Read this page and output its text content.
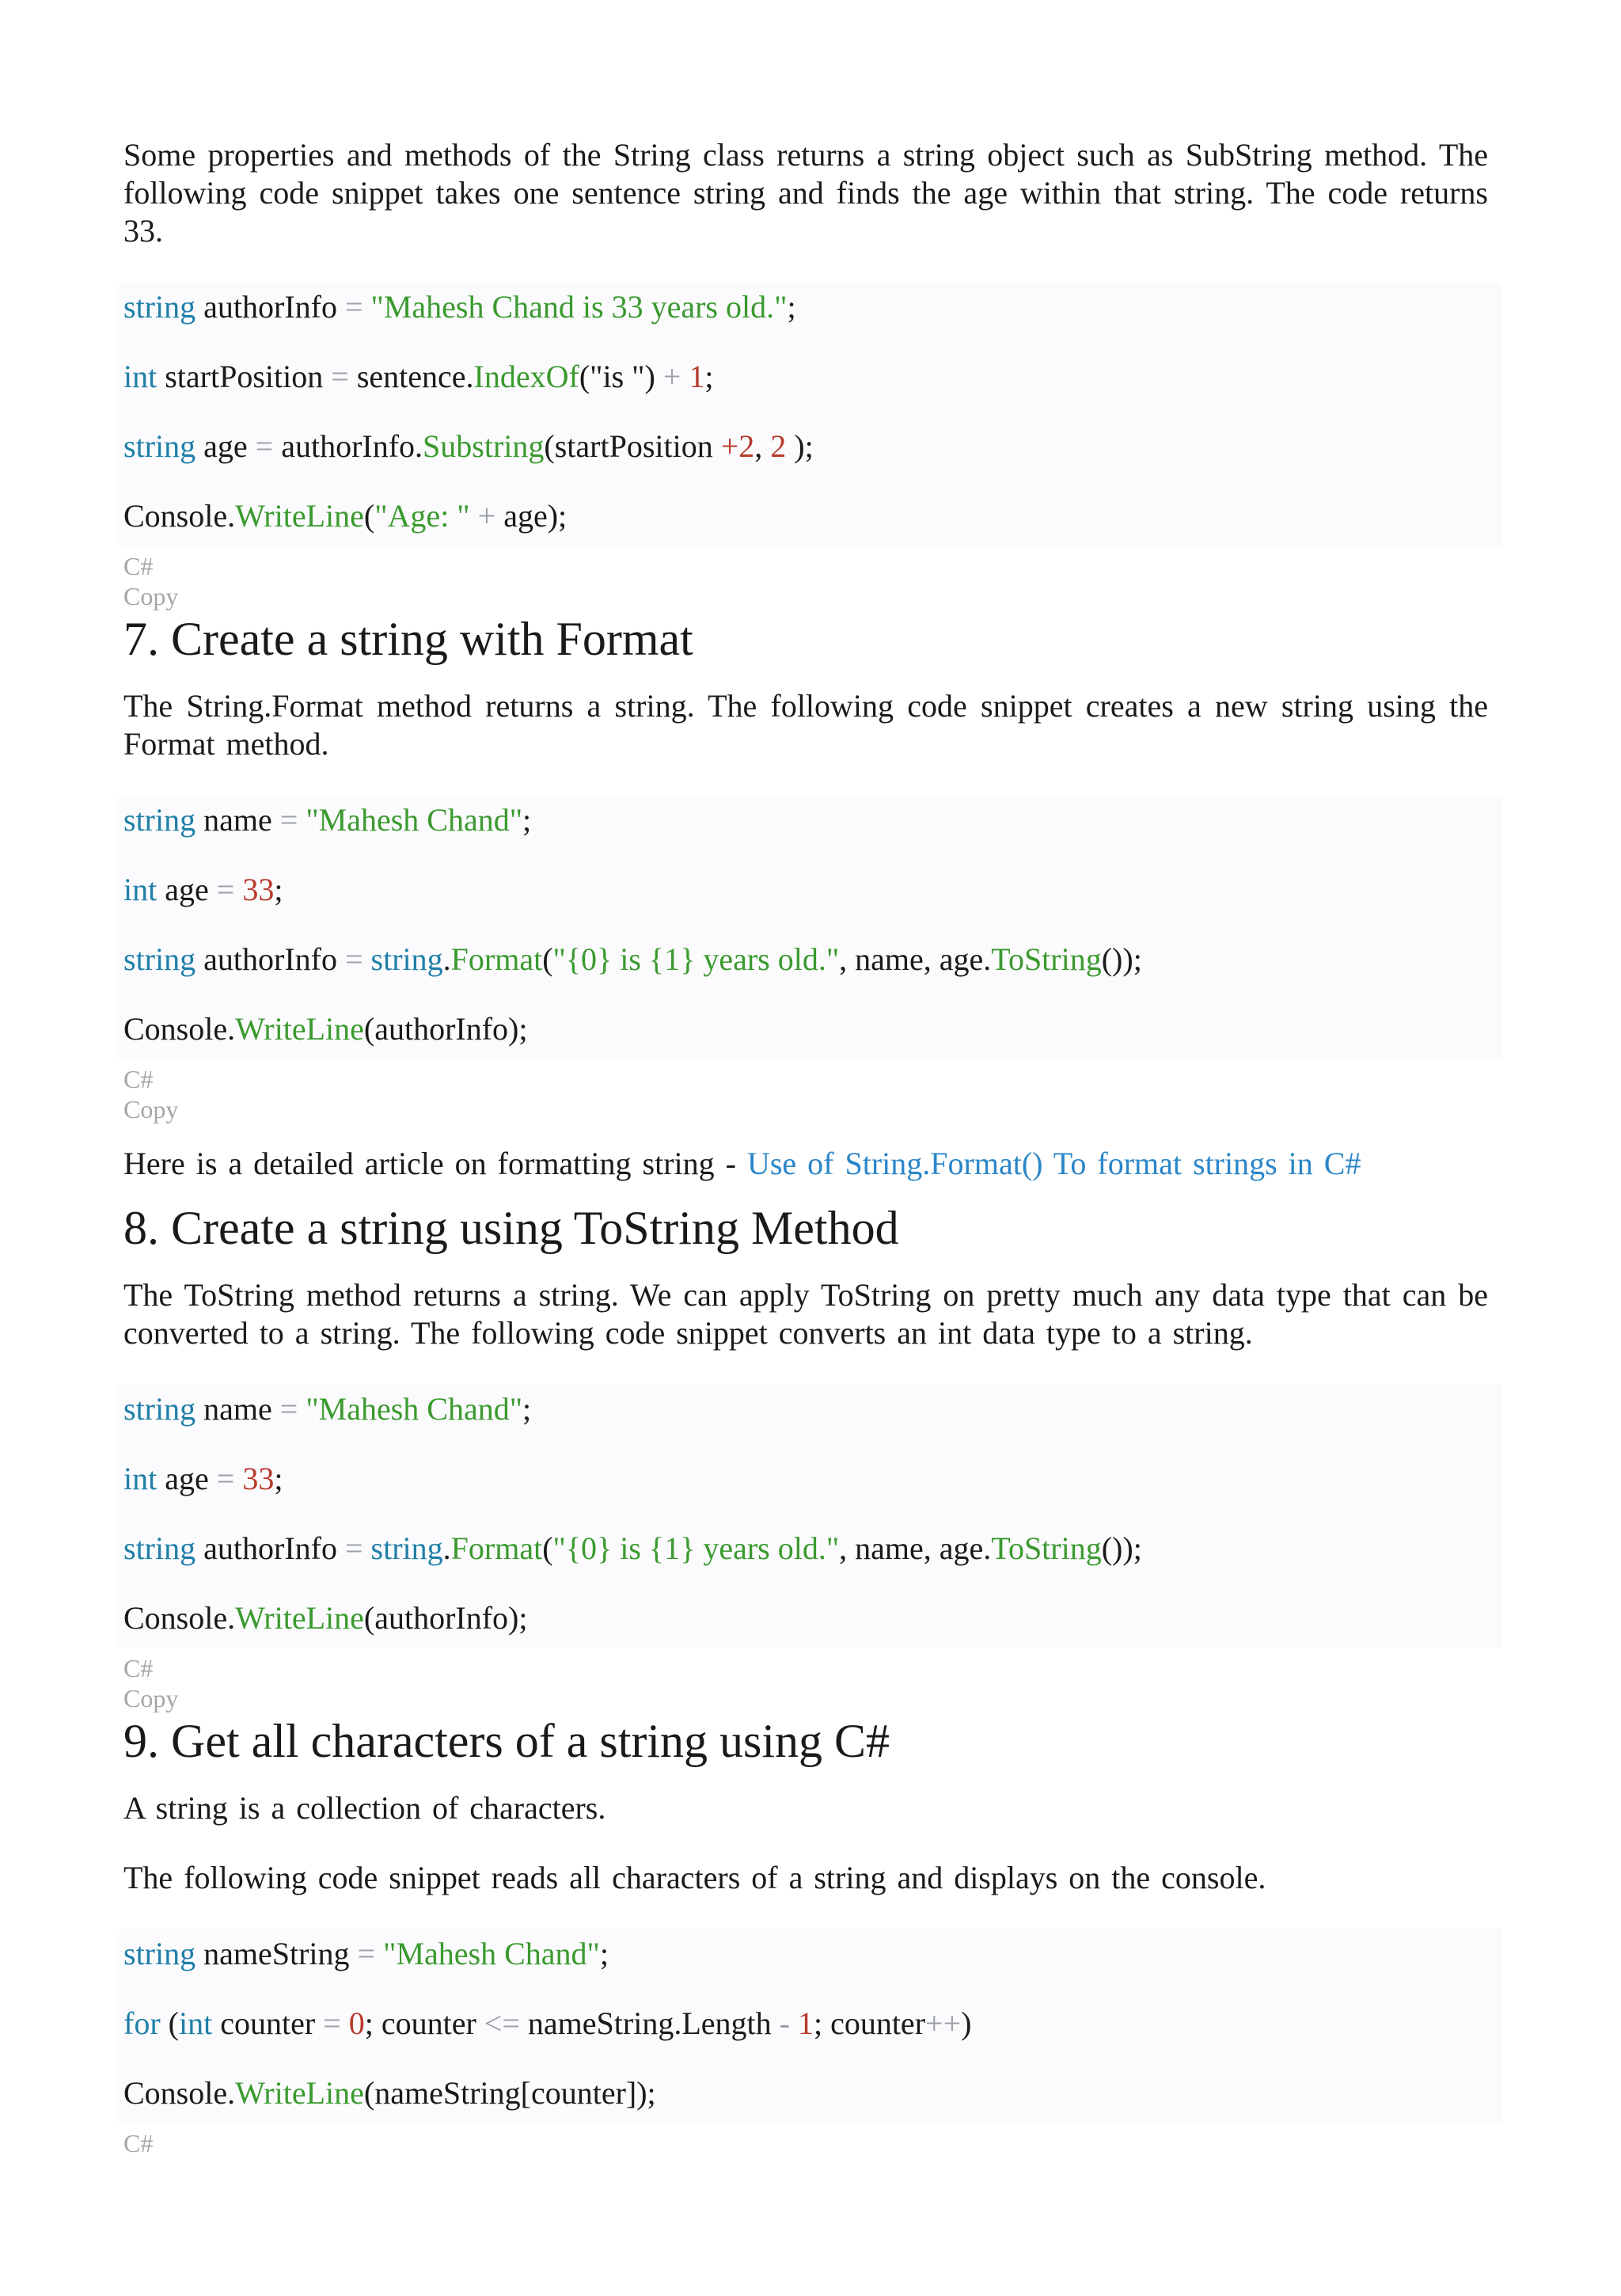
Some properties and methods of the String class returns a string object such as SubString method. The following code snippet takes one sentence string and finds the age within that string. The code returns 33.

string authorInfo = "Mahesh Chand is 33 years old.";
int startPosition = sentence.IndexOf("is ") + 1;
string age = authorInfo.Substring(startPosition +2, 2 );
Console.WriteLine("Age: " + age);
C#
Copy
7. Create a string with Format

The String.Format method returns a string. The following code snippet creates a new string using the Format method.

string name = "Mahesh Chand";
int age = 33;
string authorInfo = string.Format("{0} is {1} years old.", name, age.ToString());
Console.WriteLine(authorInfo);
C#
Copy

Here is a detailed article on formatting string - Use of String.Format() To format strings in C#

8. Create a string using ToString Method

The ToString method returns a string. We can apply ToString on pretty much any data type that can be converted to a string. The following code snippet converts an int data type to a string.

string name = "Mahesh Chand";
int age = 33;
string authorInfo = string.Format("{0} is {1} years old.", name, age.ToString());
Console.WriteLine(authorInfo);
C#
Copy
9. Get all characters of a string using C#

A string is a collection of characters.

The following code snippet reads all characters of a string and displays on the console.

string nameString = "Mahesh Chand";
for (int counter = 0; counter <= nameString.Length - 1; counter++)
Console.WriteLine(nameString[counter]);
C#
